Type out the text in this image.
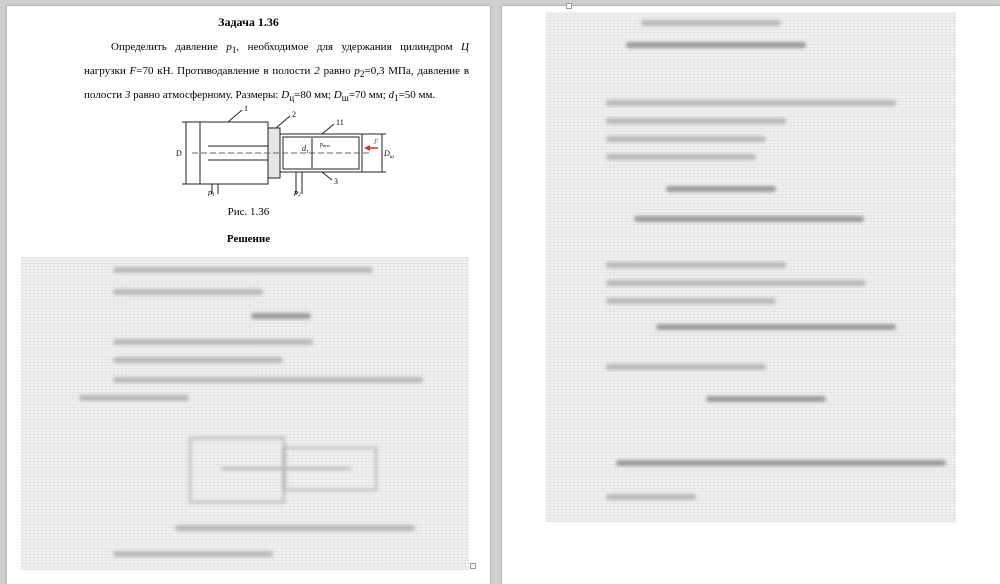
Задача 1.36

Определить давление $p_1$, необходимое для удержания цилиндром Ц нагрузки F=70 кН. Противодавление в полости 2 равно $p_2=0,3$ МПа, давление в полости 3 равно атмосферному. Размеры: $D_ц=80$ мм; $D_ш=70$ мм; $d_1=50$ мм.

D
1
2
11
3
pатм
$d_1$	$D_ш$
F
p1	p2
Рис. 1.36
Решение
